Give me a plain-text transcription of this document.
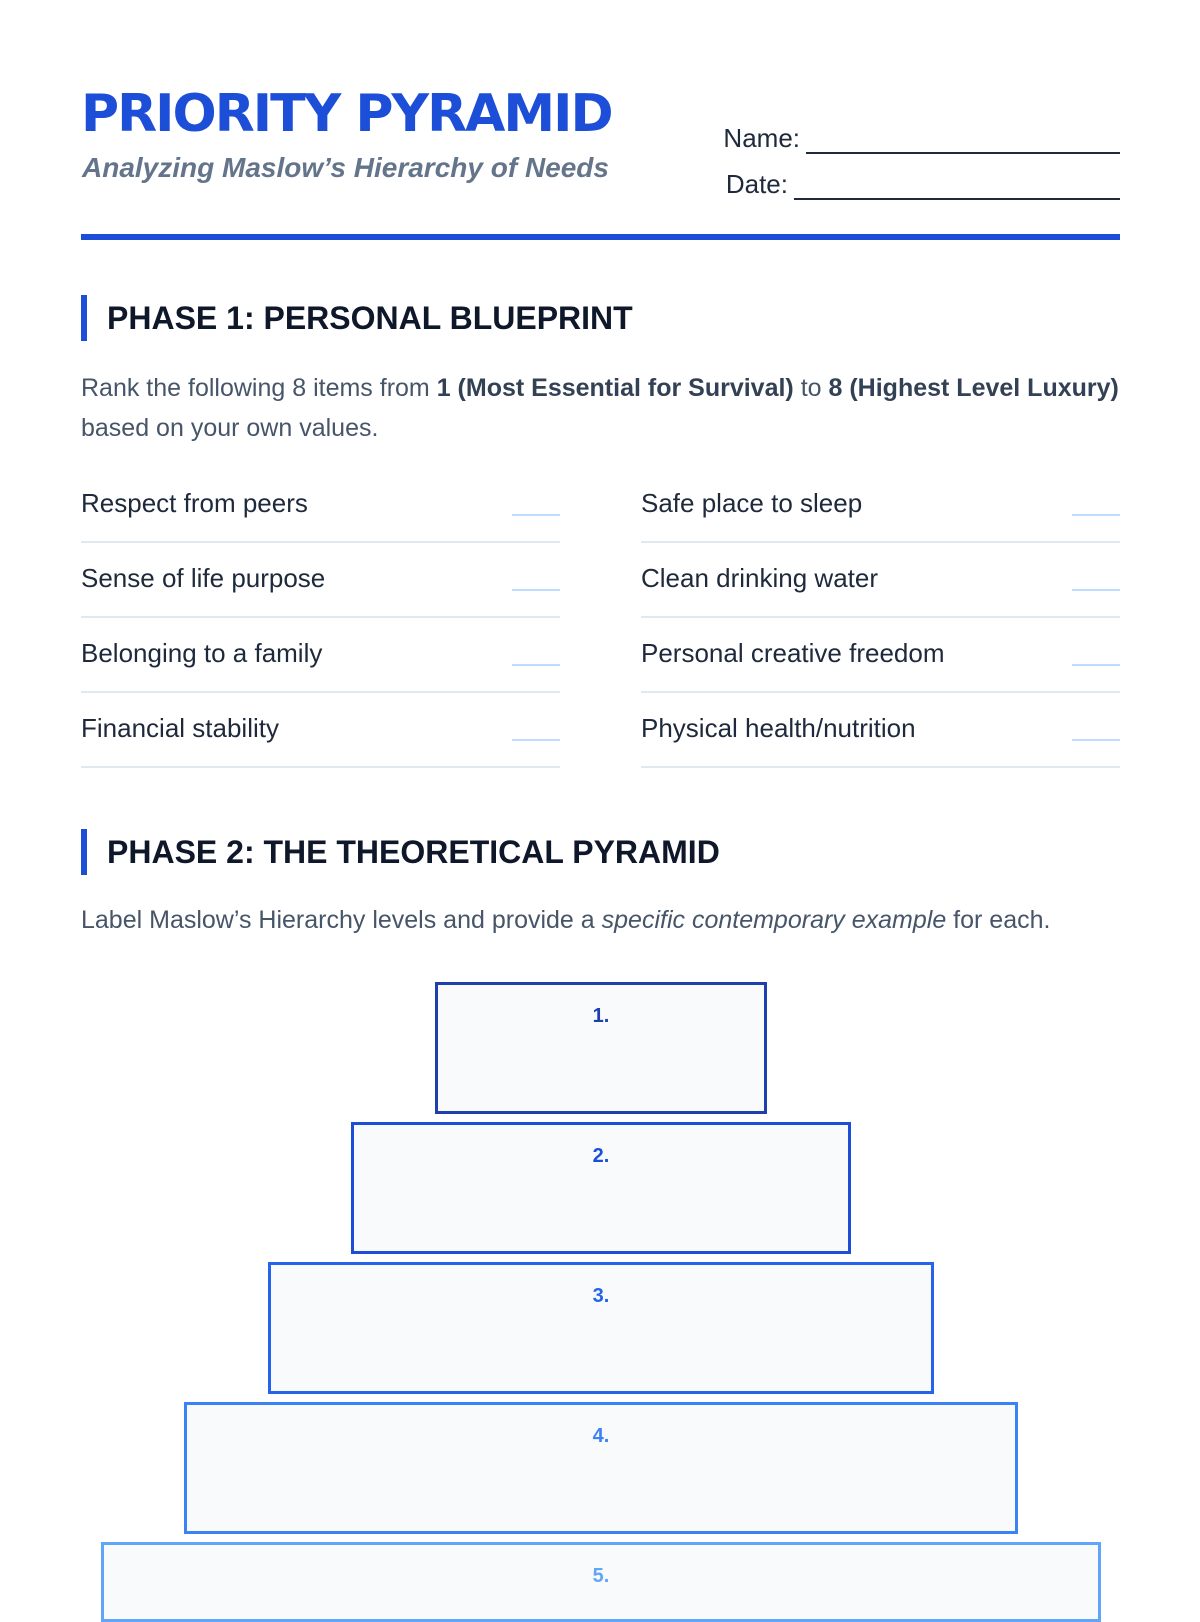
PRIORITY PYRAMID
Analyzing Maslow’s Hierarchy of Needs
Name:
Date:
PHASE 1: PERSONAL BLUEPRINT
Rank the following 8 items from 1 (Most Essential for Survival) to 8 (Highest Level Luxury) based on your own values.
Respect from peers	Safe place to sleep
Sense of life purpose	Clean drinking water
Belonging to a family	Personal creative freedom
Financial stability	Physical health/nutrition
PHASE 2: THE THEORETICAL PYRAMID
Label Maslow’s Hierarchy levels and provide a specific contemporary example for each.
1.
2.
3.
4.
5.
